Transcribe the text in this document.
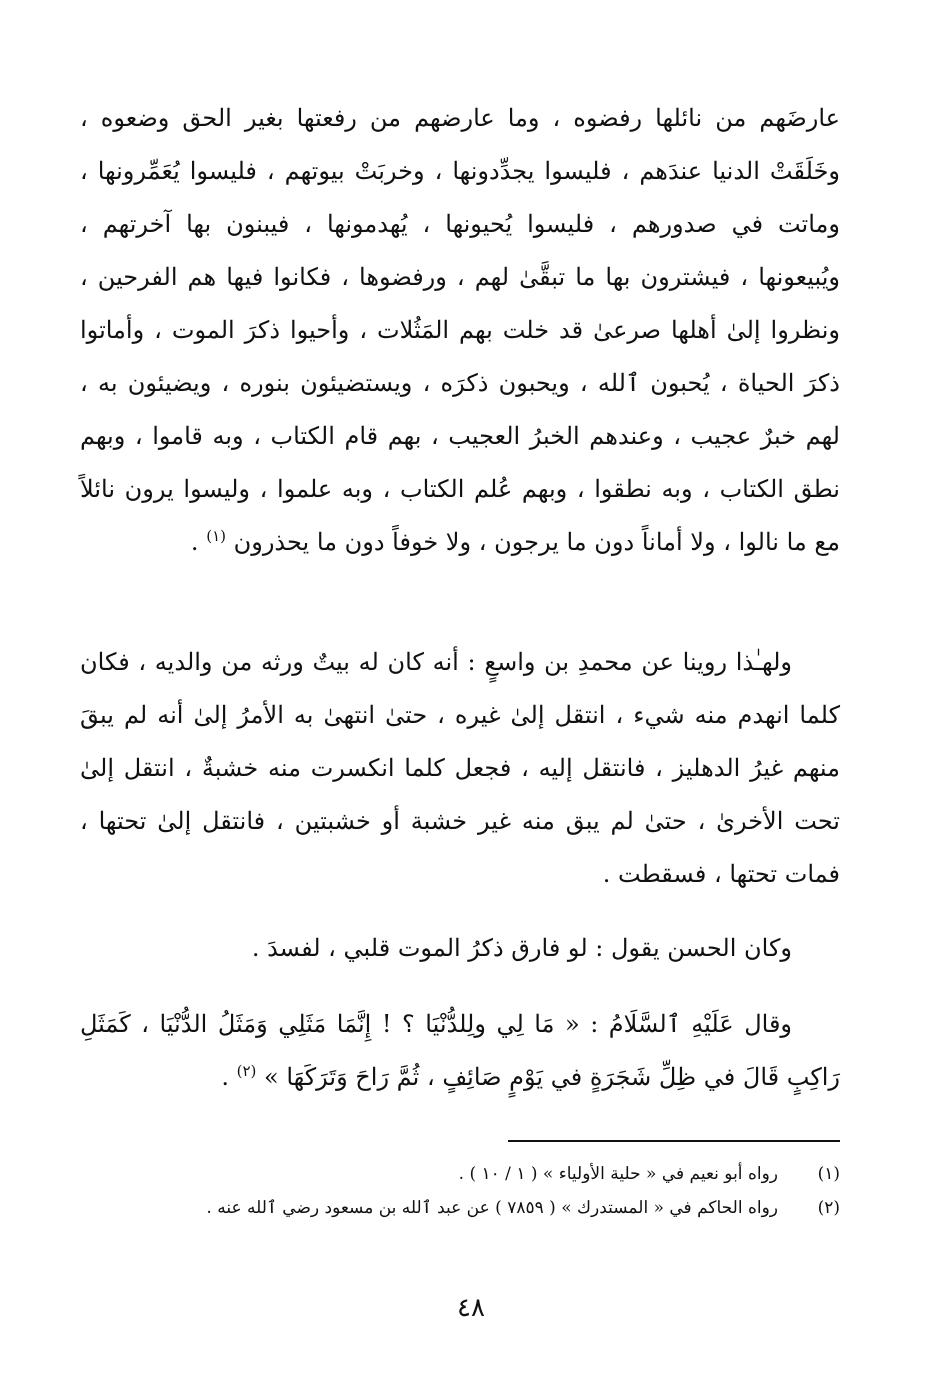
عارضَهم من نائلها رفضوه ، وما عارضهم من رفعتها بغير الحق وضعوه ، وخَلَقَتْ الدنيا عندَهم ، فليسوا يجدِّدونها ، وخربَتْ بيوتهم ، فليسوا يُعَمِّرونها ، وماتت في صدورهم ، فليسوا يُحيونها ، يُهدمونها ، فيبنون بها آخرتهم ، ويُبيعونها ، فيشترون بها ما تبقَّىٰ لهم ، ورفضوها ، فكانوا فيها هم الفرحين ، ونظروا إلىٰ أهلها صرعىٰ قد خلت بهم المَثُلات ، وأحيوا ذكرَ الموت ، وأماتوا ذكرَ الحياة ، يُحبون ٱلله ، ويحبون ذكرَه ، ويستضيئون بنوره ، ويضيئون به ، لهم خبرٌ عجيب ، وعندهم الخبرُ العجيب ، بهم قام الكتاب ، وبه قاموا ، وبهم نطق الكتاب ، وبه نطقوا ، وبهم عُلم الكتاب ، وبه علموا ، وليسوا يرون نائلاً مع ما نالوا ، ولا أماناً دون ما يرجون ، ولا خوفاً دون ما يحذرون $^{(١)}$ .

ولهـٰذا روينا عن محمدِ بن واسعٍ : أنه كان له بيتٌ ورثه من والديه ، فكان كلما انهدم منه شيء ، انتقل إلىٰ غيره ، حتىٰ انتهىٰ به الأمرُ إلىٰ أنه لم يبقَ منهم غيرُ الدهليز ، فانتقل إليه ، فجعل كلما انكسرت منه خشبةٌ ، انتقل إلىٰ تحت الأخرىٰ ، حتىٰ لم يبق منه غير خشبة أو خشبتين ، فانتقل إلىٰ تحتها ، فمات تحتها ، فسقطت .

وكان الحسن يقول : لو فارق ذكرُ الموت قلبي ، لفسدَ .

وقال عَلَيْهِ ٱلسَّلَامُ : « مَا لِي ولِلدُّنْيَا ؟ ! إِنَّمَا مَثَلِي وَمَثَلُ الدُّنْيَا ، كَمَثَلِ رَاكِبٍ قَالَ في ظِلِّ شَجَرَةٍ في يَوْمٍ صَائِفٍ ، ثُمَّ رَاحَ وَتَرَكَهَا » $^{(٢)}$ .

(١)
رواه أبو نعيم في « حلية الأولياء » ( ١ / ١٠ ) .
(٢)
رواه الحاكم في « المستدرك » ( ٧٨٥٩ ) عن عبد ٱلله بن مسعود رضي ٱلله عنه .
٤٨
